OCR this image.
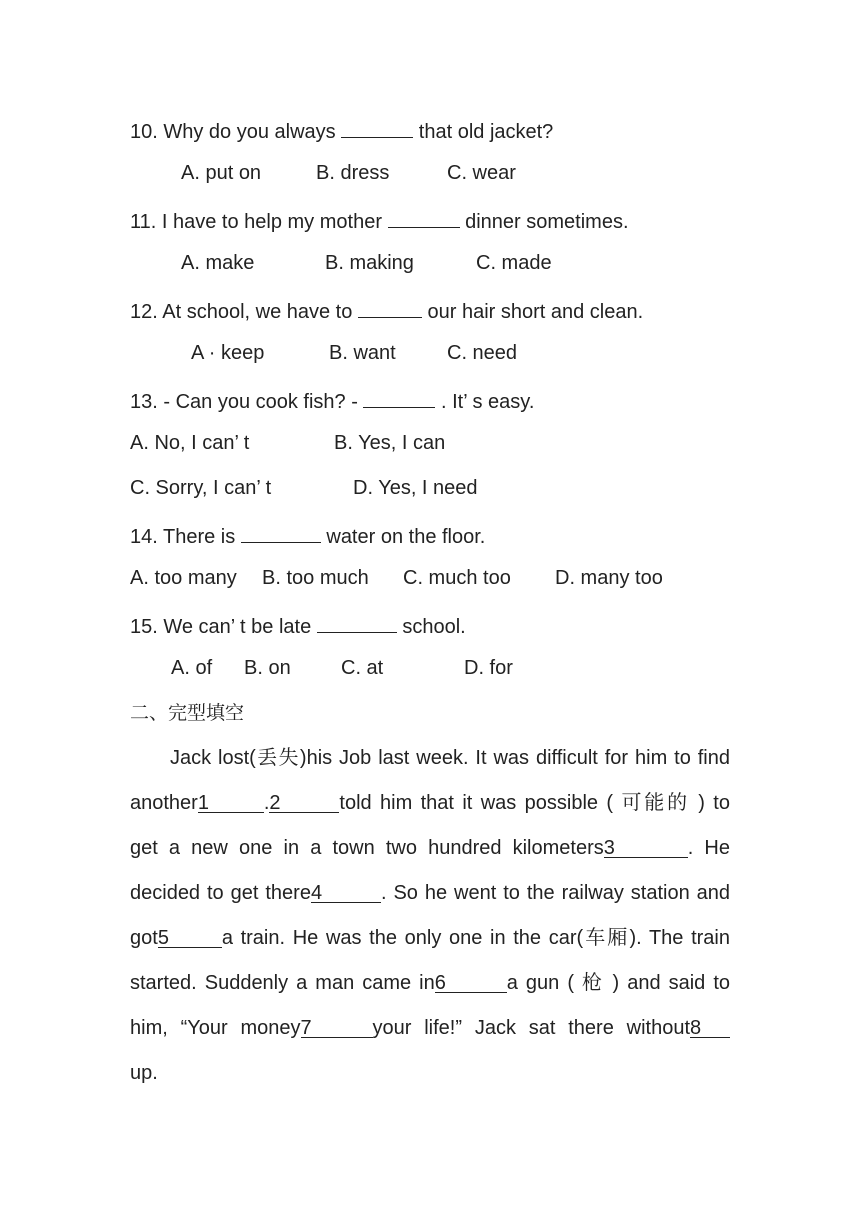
10. Why do you always	that old jacket?
A. put on	B. dress	C. wear
11. I have to help my mother	dinner sometimes.
A. make	B. making	C. made
12. At school, we have to	our hair short and clean.
A · keep	B. want	C. need
13. - Can you cook fish? -	. It’ s easy.
A. No, I can’ t	B. Yes, I can
C. Sorry, I can’ t	D. Yes, I need
14. There is	water on the floor.
A. too many B. too much C. much too D. many too
15. We can’ t be late	school.
A. of B. on	C. at	D. for
二、完型填空
Jack lost(丢失)his Job last week. It was difficult for him to find
another1	.2	told him that it was possible ( 可能的 ) to
get a new one in a town two hundred kilometers3	. He
decided to get there4	. So he went to the railway station and
got5	a train. He was the only one in the car(车厢). The train
started. Suddenly a man came in6	a gun ( 枪 ) and said to
him, “Your money7	your life!” Jack sat there without8
up.
